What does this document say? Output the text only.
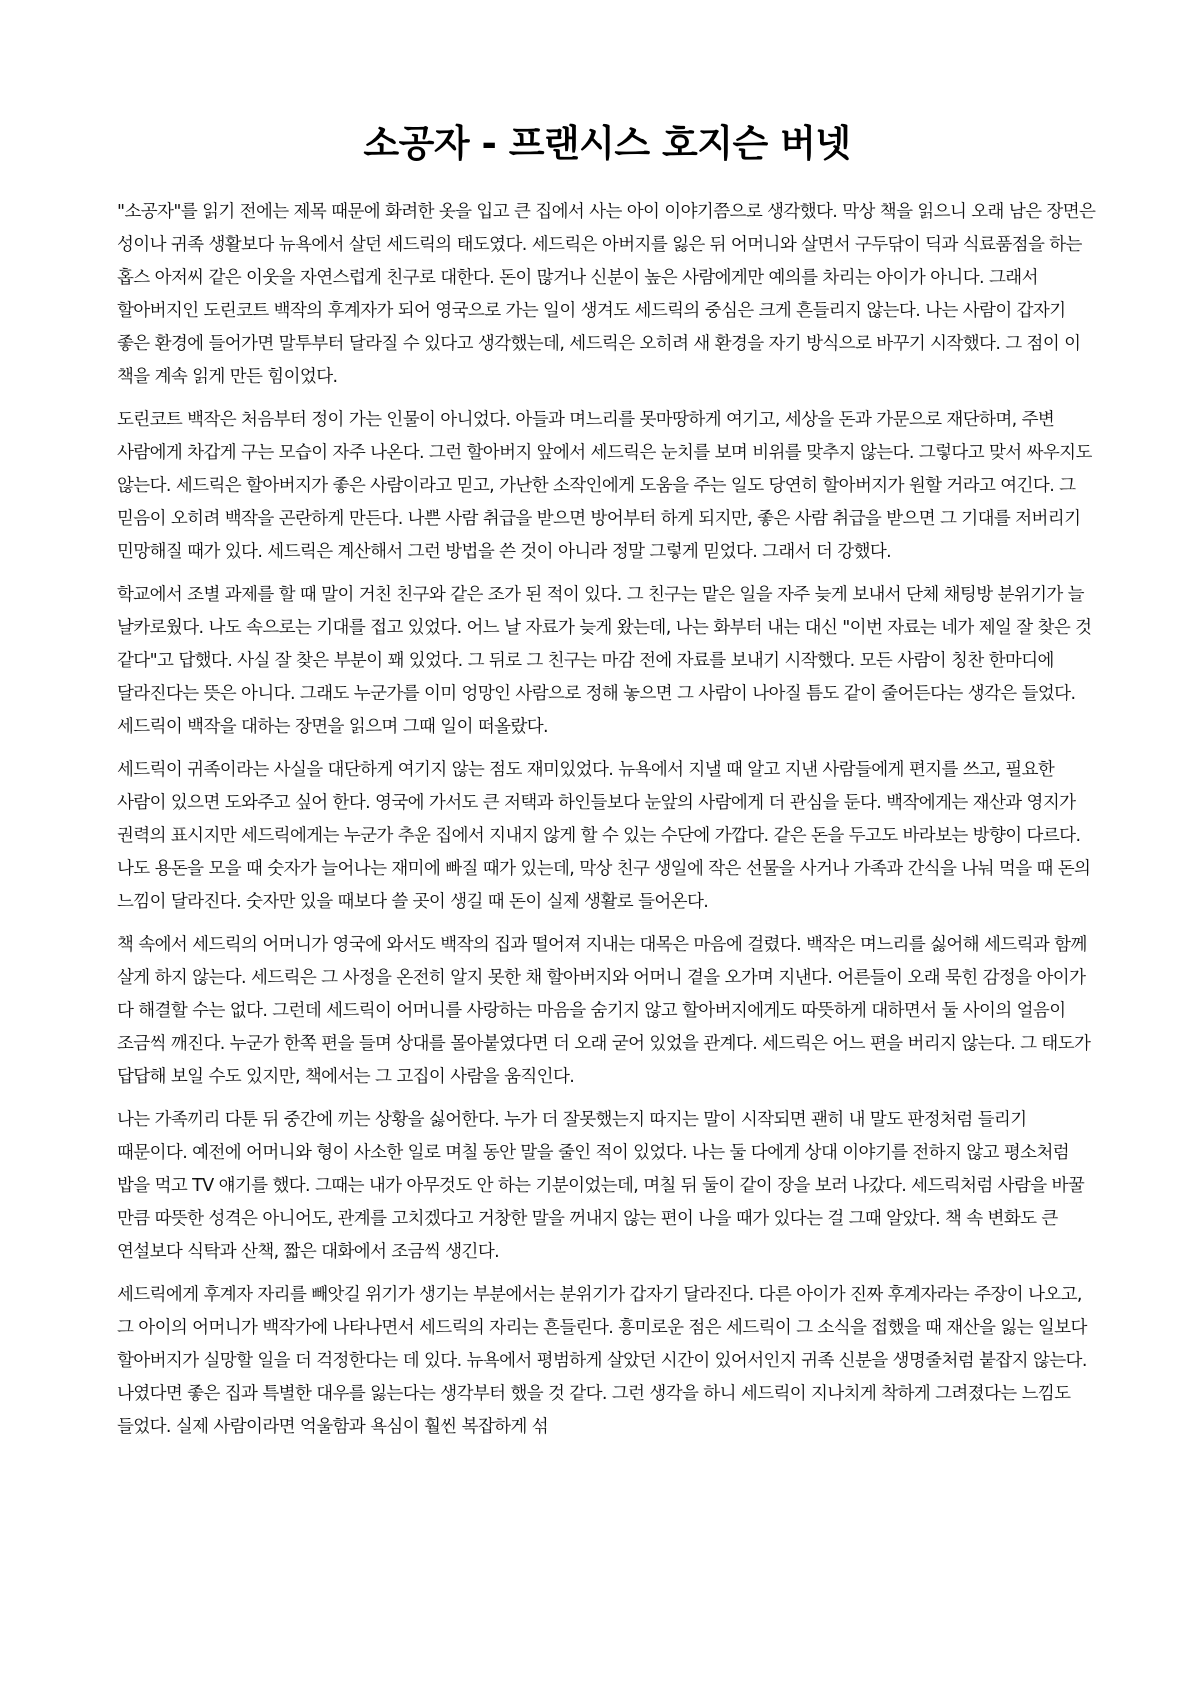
소공자 - 프랜시스 호지슨 버넷

"소공자"를 읽기 전에는 제목 때문에 화려한 옷을 입고 큰 집에서 사는 아이 이야기쯤으로 생각했다. 막상 책을 읽으니 오래 남은 장면은 성이나 귀족 생활보다 뉴욕에서 살던 세드릭의 태도였다. 세드릭은 아버지를 잃은 뒤 어머니와 살면서 구두닦이 딕과 식료품점을 하는 홉스 아저씨 같은 이웃을 자연스럽게 친구로 대한다. 돈이 많거나 신분이 높은 사람에게만 예의를 차리는 아이가 아니다. 그래서 할아버지인 도린코트 백작의 후계자가 되어 영국으로 가는 일이 생겨도 세드릭의 중심은 크게 흔들리지 않는다. 나는 사람이 갑자기 좋은 환경에 들어가면 말투부터 달라질 수 있다고 생각했는데, 세드릭은 오히려 새 환경을 자기 방식으로 바꾸기 시작했다. 그 점이 이 책을 계속 읽게 만든 힘이었다.

도린코트 백작은 처음부터 정이 가는 인물이 아니었다. 아들과 며느리를 못마땅하게 여기고, 세상을 돈과 가문으로 재단하며, 주변 사람에게 차갑게 구는 모습이 자주 나온다. 그런 할아버지 앞에서 세드릭은 눈치를 보며 비위를 맞추지 않는다. 그렇다고 맞서 싸우지도 않는다. 세드릭은 할아버지가 좋은 사람이라고 믿고, 가난한 소작인에게 도움을 주는 일도 당연히 할아버지가 원할 거라고 여긴다. 그 믿음이 오히려 백작을 곤란하게 만든다. 나쁜 사람 취급을 받으면 방어부터 하게 되지만, 좋은 사람 취급을 받으면 그 기대를 저버리기 민망해질 때가 있다. 세드릭은 계산해서 그런 방법을 쓴 것이 아니라 정말 그렇게 믿었다. 그래서 더 강했다.

학교에서 조별 과제를 할 때 말이 거친 친구와 같은 조가 된 적이 있다. 그 친구는 맡은 일을 자주 늦게 보내서 단체 채팅방 분위기가 늘 날카로웠다. 나도 속으로는 기대를 접고 있었다. 어느 날 자료가 늦게 왔는데, 나는 화부터 내는 대신 "이번 자료는 네가 제일 잘 찾은 것 같다"고 답했다. 사실 잘 찾은 부분이 꽤 있었다. 그 뒤로 그 친구는 마감 전에 자료를 보내기 시작했다. 모든 사람이 칭찬 한마디에 달라진다는 뜻은 아니다. 그래도 누군가를 이미 엉망인 사람으로 정해 놓으면 그 사람이 나아질 틈도 같이 줄어든다는 생각은 들었다. 세드릭이 백작을 대하는 장면을 읽으며 그때 일이 떠올랐다.

세드릭이 귀족이라는 사실을 대단하게 여기지 않는 점도 재미있었다. 뉴욕에서 지낼 때 알고 지낸 사람들에게 편지를 쓰고, 필요한 사람이 있으면 도와주고 싶어 한다. 영국에 가서도 큰 저택과 하인들보다 눈앞의 사람에게 더 관심을 둔다. 백작에게는 재산과 영지가 권력의 표시지만 세드릭에게는 누군가 추운 집에서 지내지 않게 할 수 있는 수단에 가깝다. 같은 돈을 두고도 바라보는 방향이 다르다. 나도 용돈을 모을 때 숫자가 늘어나는 재미에 빠질 때가 있는데, 막상 친구 생일에 작은 선물을 사거나 가족과 간식을 나눠 먹을 때 돈의 느낌이 달라진다. 숫자만 있을 때보다 쓸 곳이 생길 때 돈이 실제 생활로 들어온다.

책 속에서 세드릭의 어머니가 영국에 와서도 백작의 집과 떨어져 지내는 대목은 마음에 걸렸다. 백작은 며느리를 싫어해 세드릭과 함께 살게 하지 않는다. 세드릭은 그 사정을 온전히 알지 못한 채 할아버지와 어머니 곁을 오가며 지낸다. 어른들이 오래 묵힌 감정을 아이가 다 해결할 수는 없다. 그런데 세드릭이 어머니를 사랑하는 마음을 숨기지 않고 할아버지에게도 따뜻하게 대하면서 둘 사이의 얼음이 조금씩 깨진다. 누군가 한쪽 편을 들며 상대를 몰아붙였다면 더 오래 굳어 있었을 관계다. 세드릭은 어느 편을 버리지 않는다. 그 태도가 답답해 보일 수도 있지만, 책에서는 그 고집이 사람을 움직인다.

나는 가족끼리 다툰 뒤 중간에 끼는 상황을 싫어한다. 누가 더 잘못했는지 따지는 말이 시작되면 괜히 내 말도 판정처럼 들리기 때문이다. 예전에 어머니와 형이 사소한 일로 며칠 동안 말을 줄인 적이 있었다. 나는 둘 다에게 상대 이야기를 전하지 않고 평소처럼 밥을 먹고 TV 얘기를 했다. 그때는 내가 아무것도 안 하는 기분이었는데, 며칠 뒤 둘이 같이 장을 보러 나갔다. 세드릭처럼 사람을 바꿀 만큼 따뜻한 성격은 아니어도, 관계를 고치겠다고 거창한 말을 꺼내지 않는 편이 나을 때가 있다는 걸 그때 알았다. 책 속 변화도 큰 연설보다 식탁과 산책, 짧은 대화에서 조금씩 생긴다.

세드릭에게 후계자 자리를 빼앗길 위기가 생기는 부분에서는 분위기가 갑자기 달라진다. 다른 아이가 진짜 후계자라는 주장이 나오고, 그 아이의 어머니가 백작가에 나타나면서 세드릭의 자리는 흔들린다. 흥미로운 점은 세드릭이 그 소식을 접했을 때 재산을 잃는 일보다 할아버지가 실망할 일을 더 걱정한다는 데 있다. 뉴욕에서 평범하게 살았던 시간이 있어서인지 귀족 신분을 생명줄처럼 붙잡지 않는다. 나였다면 좋은 집과 특별한 대우를 잃는다는 생각부터 했을 것 같다. 그런 생각을 하니 세드릭이 지나치게 착하게 그려졌다는 느낌도 들었다. 실제 사람이라면 억울함과 욕심이 훨씬 복잡하게 섞
